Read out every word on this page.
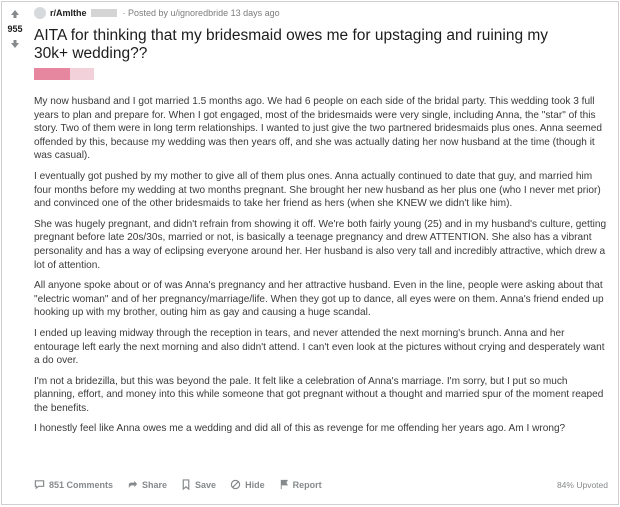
955
r/AmIthe	· Posted by u/ignoredbride 13 days ago
AITA for thinking that my bridesmaid owes me for upstaging and ruining my 30k+ wedding??

My now husband and I got married 1.5 months ago. We had 6 people on each side of the bridal party. This wedding took 3 full years to plan and prepare for. When I got engaged, most of the bridesmaids were very single, including Anna, the "star" of this story. Two of them were in long term relationships. I wanted to just give the two partnered bridesmaids plus ones. Anna seemed offended by this, because my wedding was then years off, and she was actually dating her now husband at the time (though it was casual).

I eventually got pushed by my mother to give all of them plus ones. Anna actually continued to date that guy, and married him four months before my wedding at two months pregnant. She brought her new husband as her plus one (who I never met prior) and convinced one of the other bridesmaids to take her friend as hers (when she KNEW we didn't like him).

She was hugely pregnant, and didn't refrain from showing it off. We're both fairly young (25) and in my husband's culture, getting pregnant before late 20s/30s, married or not, is basically a teenage pregnancy and drew ATTENTION. She also has a vibrant personality and has a way of eclipsing everyone around her. Her husband is also very tall and incredibly attractive, which drew a lot of attention.

All anyone spoke about or of was Anna's pregnancy and her attractive husband. Even in the line, people were asking about that "electric woman" and of her pregnancy/marriage/life. When they got up to dance, all eyes were on them. Anna's friend ended up hooking up with my brother, outing him as gay and causing a huge scandal.

I ended up leaving midway through the reception in tears, and never attended the next morning's brunch. Anna and her entourage left early the next morning and also didn't attend. I can't even look at the pictures without crying and desperately want a do over.

I'm not a bridezilla, but this was beyond the pale. It felt like a celebration of Anna's marriage. I'm sorry, but I put so much planning, effort, and money into this while someone that got pregnant without a thought and married spur of the moment reaped the benefits.

I honestly feel like Anna owes me a wedding and did all of this as revenge for me offending her years ago. Am I wrong?

851 Comments	Share	Save	Hide	Report	84% Upvoted
